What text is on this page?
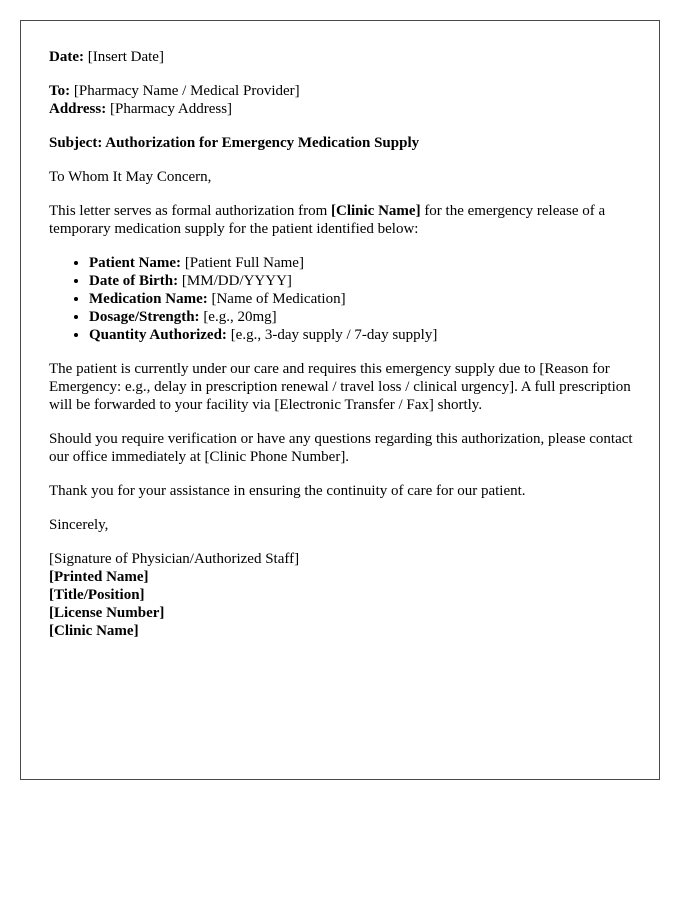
Date: [Insert Date]

To: [Pharmacy Name / Medical Provider]
Address: [Pharmacy Address]

Subject: Authorization for Emergency Medication Supply

To Whom It May Concern,

This letter serves as formal authorization from [Clinic Name] for the emergency release of a temporary medication supply for the patient identified below:

• Patient Name: [Patient Full Name]
• Date of Birth: [MM/DD/YYYY]
• Medication Name: [Name of Medication]
• Dosage/Strength: [e.g., 20mg]
• Quantity Authorized: [e.g., 3-day supply / 7-day supply]

The patient is currently under our care and requires this emergency supply due to [Reason for Emergency: e.g., delay in prescription renewal / travel loss / clinical urgency]. A full prescription will be forwarded to your facility via [Electronic Transfer / Fax] shortly.

Should you require verification or have any questions regarding this authorization, please contact our office immediately at [Clinic Phone Number].

Thank you for your assistance in ensuring the continuity of care for our patient.

Sincerely,

[Signature of Physician/Authorized Staff]
[Printed Name]
[Title/Position]
[License Number]
[Clinic Name]
